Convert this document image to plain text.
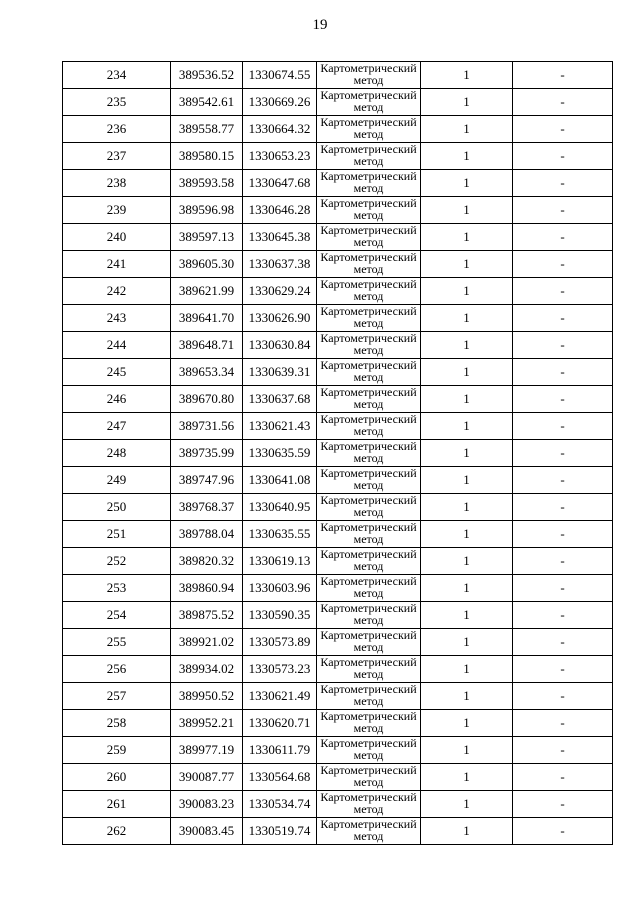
19
234	389536.52	1330674.55	Картометрический
метод	1	-
235	389542.61	1330669.26	Картометрический
метод	1	-
236	389558.77	1330664.32	Картометрический
метод	1	-
237	389580.15	1330653.23	Картометрический
метод	1	-
238	389593.58	1330647.68	Картометрический
метод	1	-
239	389596.98	1330646.28	Картометрический
метод	1	-
240	389597.13	1330645.38	Картометрический
метод	1	-
241	389605.30	1330637.38	Картометрический
метод	1	-
242	389621.99	1330629.24	Картометрический
метод	1	-
243	389641.70	1330626.90	Картометрический
метод	1	-
244	389648.71	1330630.84	Картометрический
метод	1	-
245	389653.34	1330639.31	Картометрический
метод	1	-
246	389670.80	1330637.68	Картометрический
метод	1	-
247	389731.56	1330621.43	Картометрический
метод	1	-
248	389735.99	1330635.59	Картометрический
метод	1	-
249	389747.96	1330641.08	Картометрический
метод	1	-
250	389768.37	1330640.95	Картометрический
метод	1	-
251	389788.04	1330635.55	Картометрический
метод	1	-
252	389820.32	1330619.13	Картометрический
метод	1	-
253	389860.94	1330603.96	Картометрический
метод	1	-
254	389875.52	1330590.35	Картометрический
метод	1	-
255	389921.02	1330573.89	Картометрический
метод	1	-
256	389934.02	1330573.23	Картометрический
метод	1	-
257	389950.52	1330621.49	Картометрический
метод	1	-
258	389952.21	1330620.71	Картометрический
метод	1	-
259	389977.19	1330611.79	Картометрический
метод	1	-
260	390087.77	1330564.68	Картометрический
метод	1	-
261	390083.23	1330534.74	Картометрический
метод	1	-
262	390083.45	1330519.74	Картометрический
метод	1	-
